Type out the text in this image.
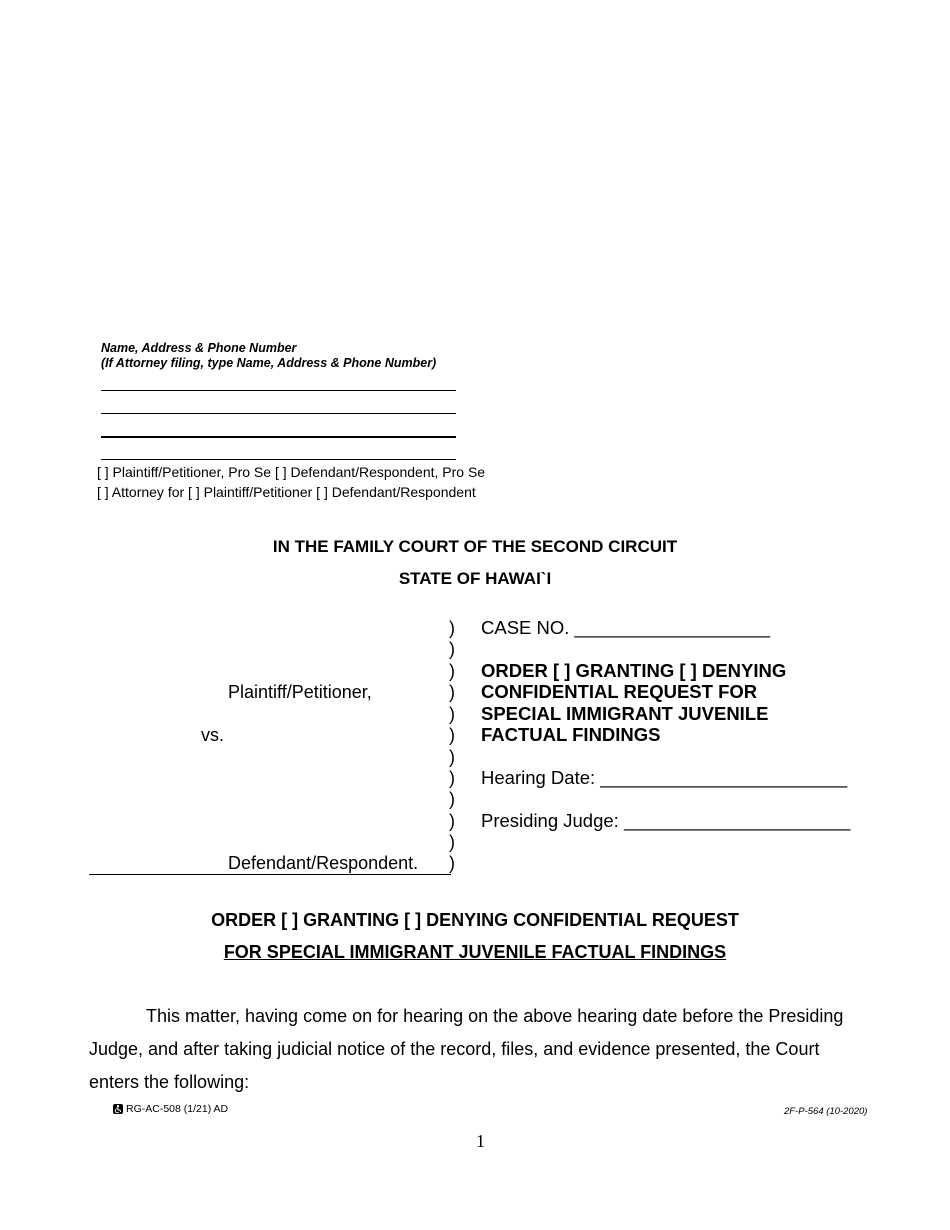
Name, Address & Phone Number
(If Attorney filing, type Name, Address & Phone Number)
[ ] Plaintiff/Petitioner, Pro Se [ ] Defendant/Respondent, Pro Se
[ ] Attorney for [ ] Plaintiff/Petitioner [ ] Defendant/Respondent
IN THE FAMILY COURT OF THE SECOND CIRCUIT
STATE OF HAWAI`I
Plaintiff/Petitioner,
vs.
Defendant/Respondent.
)
)
)
)
)
)
)
)
)
)
)
)
CASE NO. ___________________
ORDER [ ] GRANTING [ ] DENYING
CONFIDENTIAL REQUEST FOR
SPECIAL IMMIGRANT JUVENILE
FACTUAL FINDINGS
Hearing Date: ________________________
Presiding Judge: ______________________
ORDER [ ] GRANTING [ ] DENYING CONFIDENTIAL REQUEST
FOR SPECIAL IMMIGRANT JUVENILE FACTUAL FINDINGS
This matter, having come on for hearing on the above hearing date before the Presiding
Judge, and after taking judicial notice of the record, files, and evidence presented, the Court
enters the following:
RG-AC-508 (1/21) AD	2F-P-564 (10-2020)
1
